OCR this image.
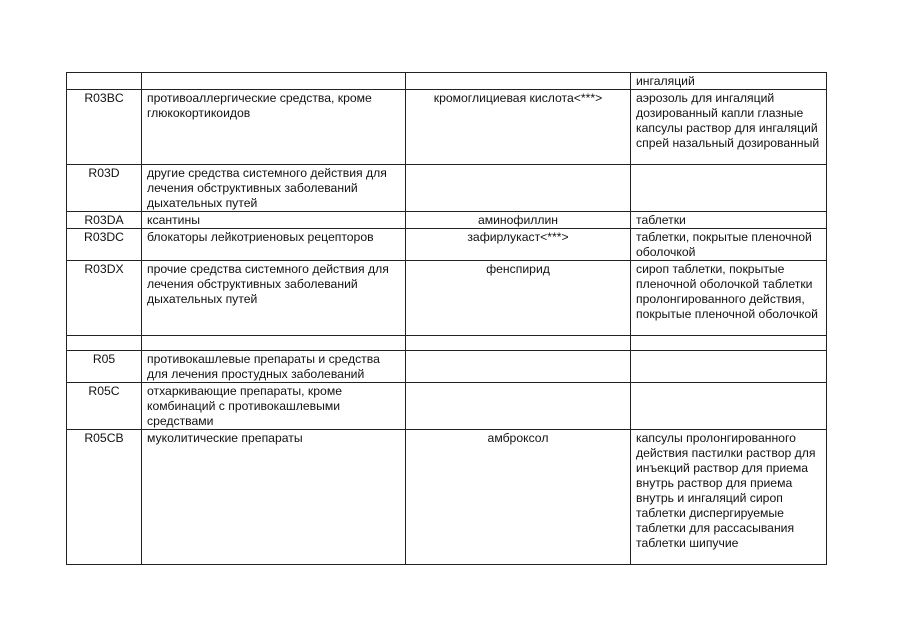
			ингаляций
R03BC	противоаллергические средства, кроме глюкокортикоидов	кромоглициевая кислота<***>	аэрозоль для ингаляций дозированный капли глазные капсулы раствор для ингаляций спрей назальный дозированный
R03D	другие средства системного действия для лечения обструктивных заболеваний дыхательных путей		
R03DA	ксантины	аминофиллин	таблетки
R03DC	блокаторы лейкотриеновых рецепторов	зафирлукаст<***>	таблетки, покрытые пленочной оболочкой
R03DX	прочие средства системного действия для лечения обструктивных заболеваний дыхательных путей	фенспирид	сироп таблетки, покрытые пленочной оболочкой таблетки пролонгированного действия, покрытые пленочной оболочкой

R05	противокашлевые препараты и средства для лечения простудных заболеваний		
R05C	отхаркивающие препараты, кроме комбинаций с противокашлевыми средствами		
R05CB	муколитические препараты	амброксол	капсулы пролонгированного действия пастилки раствор для инъекций раствор для приема внутрь раствор для приема внутрь и ингаляций сироп таблетки диспергируемые таблетки для рассасывания таблетки шипучие
